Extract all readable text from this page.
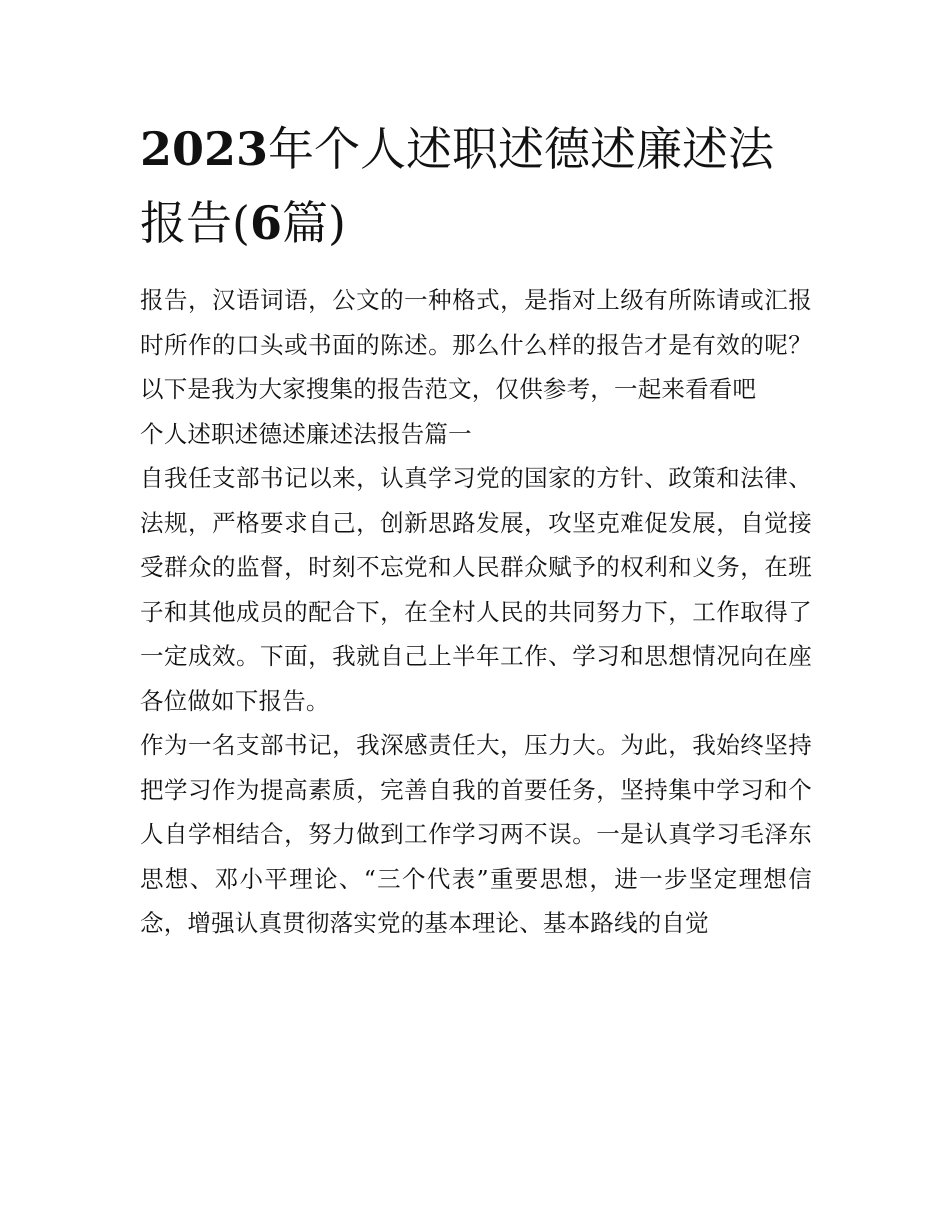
2023年个人述职述德述廉述法报告(6篇)

报告，汉语词语，公文的一种格式，是指对上级有所陈请或汇报时所作的口头或书面的陈述。那么什么样的报告才是有效的呢？以下是我为大家搜集的报告范文，仅供参考，一起来看看吧

个人述职述德述廉述法报告篇一

自我任支部书记以来，认真学习党的国家的方针、政策和法律、法规，严格要求自己，创新思路发展，攻坚克难促发展，自觉接受群众的监督，时刻不忘党和人民群众赋予的权利和义务，在班子和其他成员的配合下，在全村人民的共同努力下，工作取得了一定成效。下面，我就自己上半年工作、学习和思想情况向在座各位做如下报告。

作为一名支部书记，我深感责任大，压力大。为此，我始终坚持把学习作为提高素质，完善自我的首要任务，坚持集中学习和个人自学相结合，努力做到工作学习两不误。一是认真学习毛泽东思想、邓小平理论、“三个代表”重要思想，进一步坚定理想信念，增强认真贯彻落实党的基本理论、基本路线的自觉
